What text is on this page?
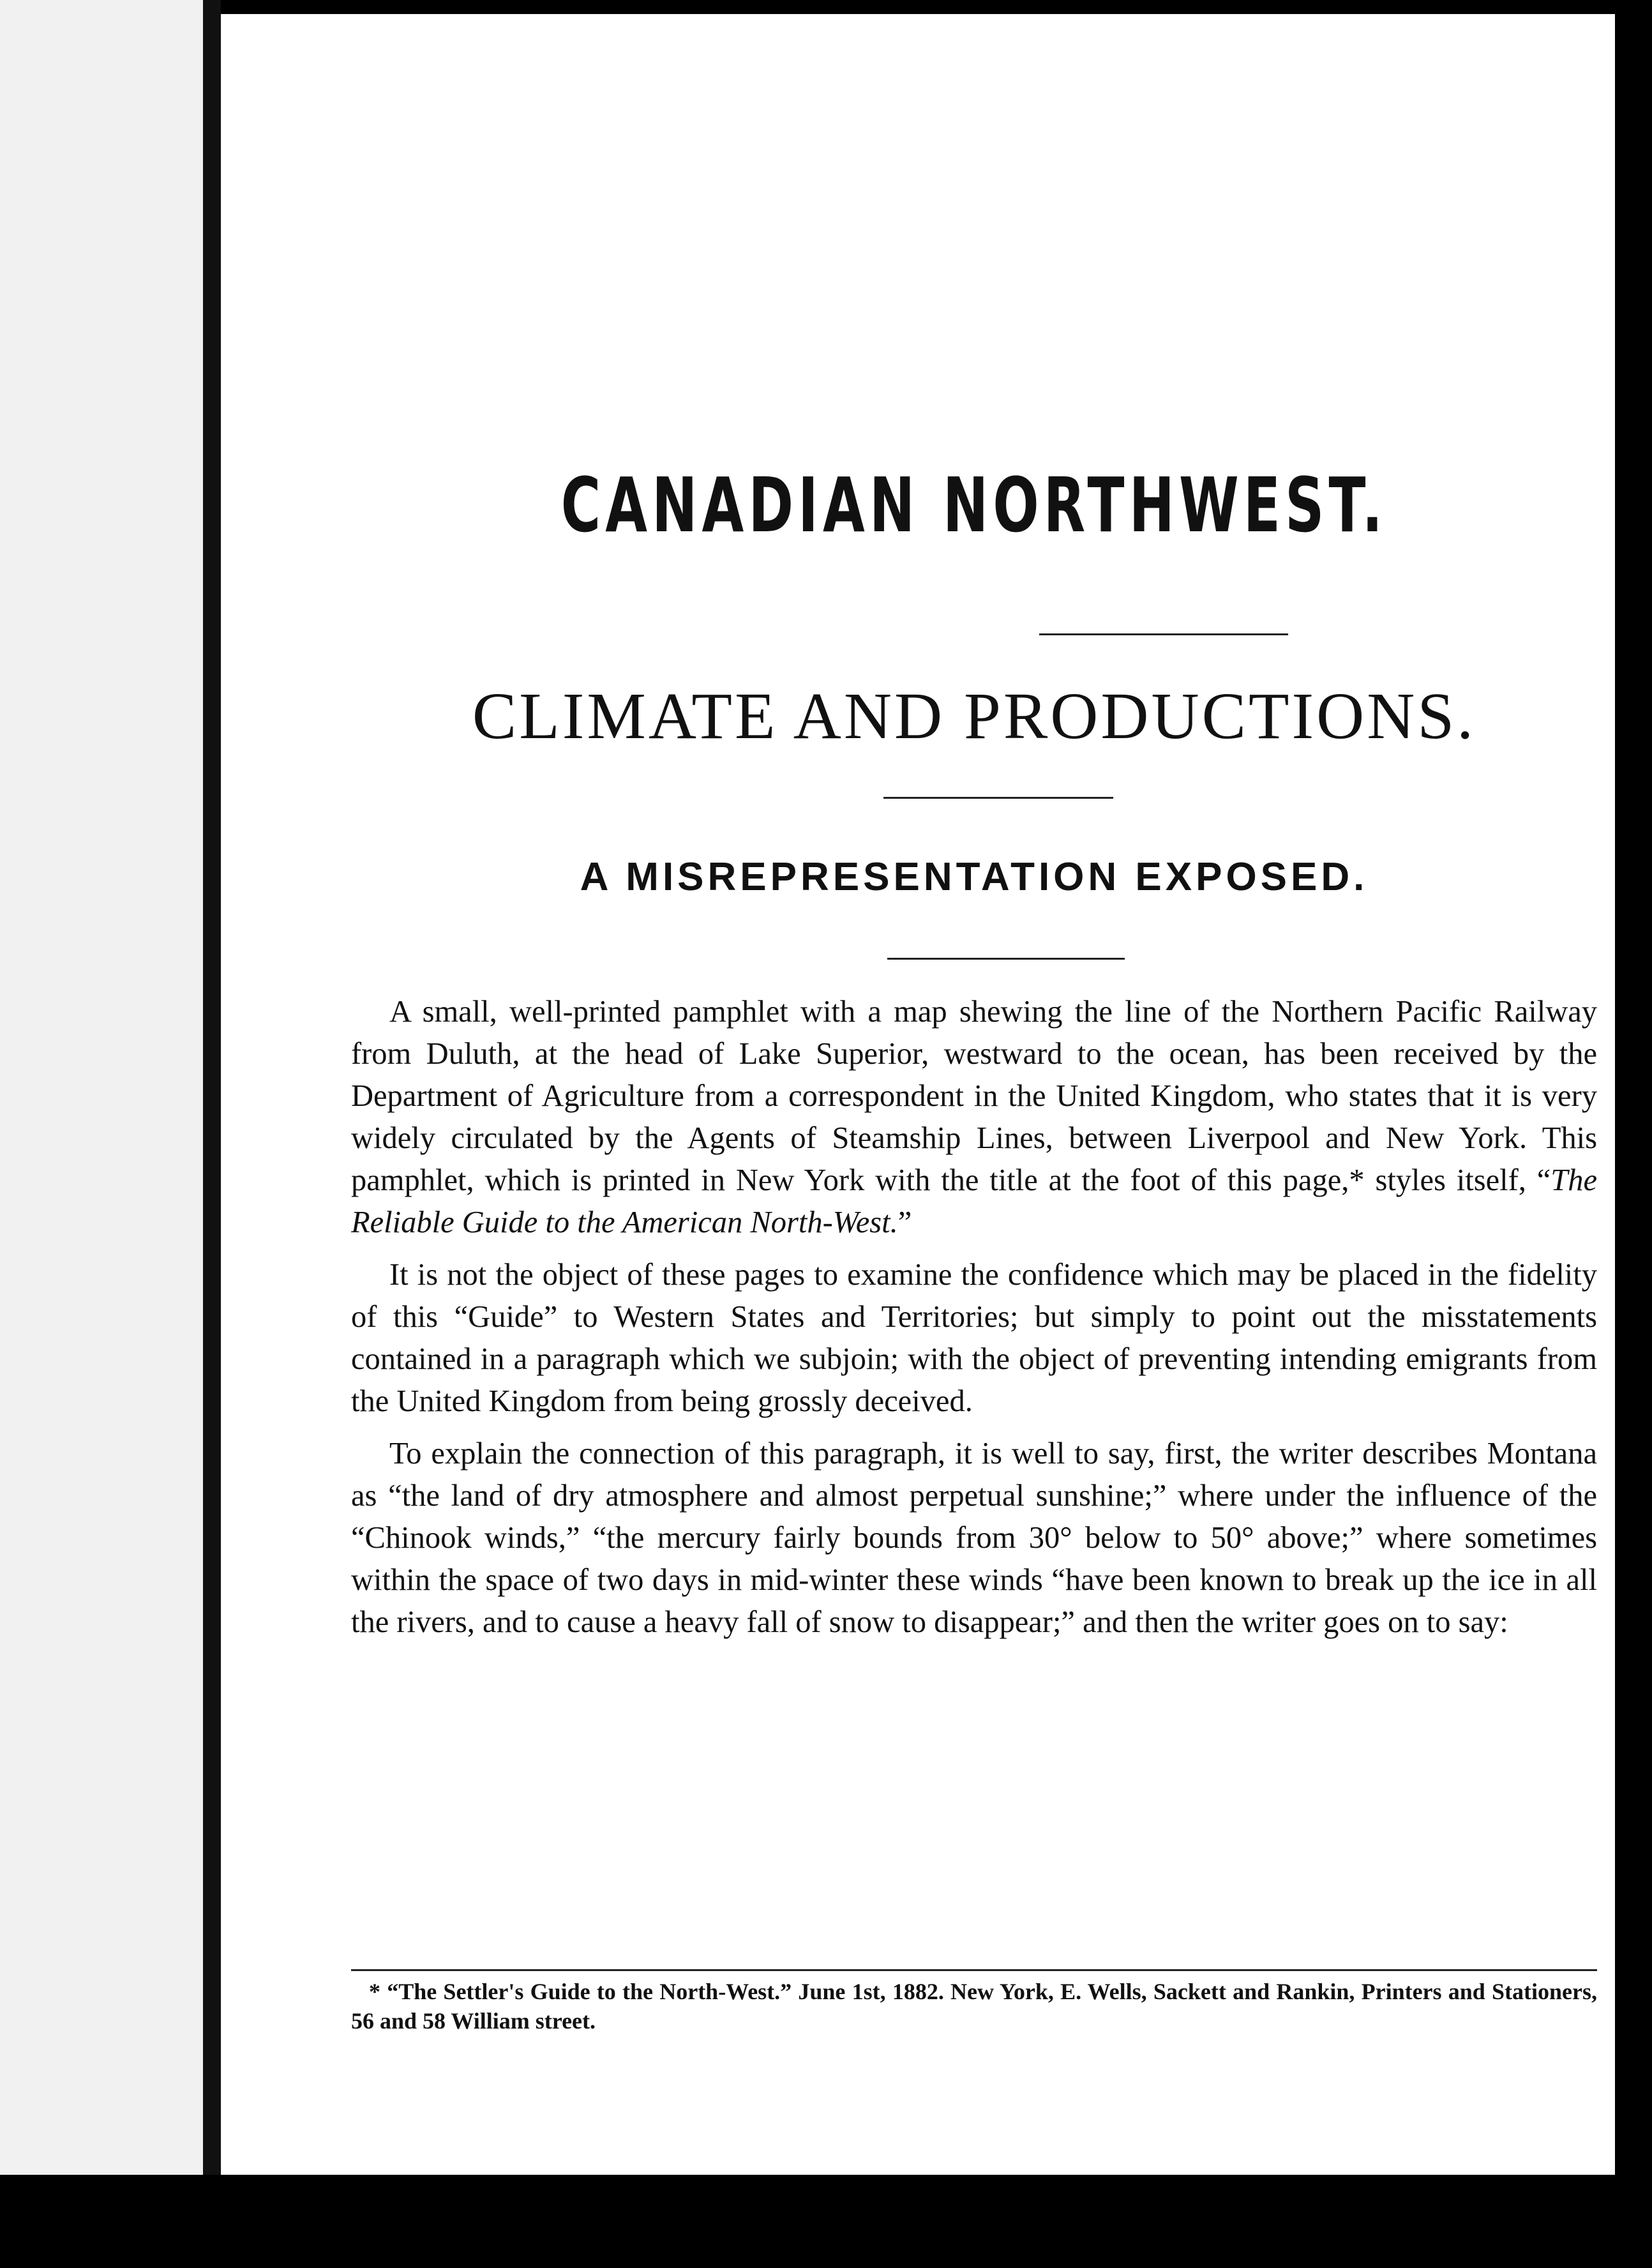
CANADIAN NORTHWEST.
CLIMATE AND PRODUCTIONS.
A MISREPRESENTATION EXPOSED.

A small, well-printed pamphlet with a map shewing the line of the Northern Pacific Railway from Duluth, at the head of Lake Superior, westward to the ocean, has been received by the Department of Agriculture from a correspondent in the United Kingdom, who states that it is very widely circulated by the Agents of Steamship Lines, between Liverpool and New York. This pamphlet, which is printed in New York with the title at the foot of this page,* styles itself, “The Reliable Guide to the American North-West.”

It is not the object of these pages to examine the confidence which may be placed in the fidelity of this “Guide” to Western States and Territories; but simply to point out the misstatements contained in a paragraph which we subjoin; with the object of preventing intending emigrants from the United Kingdom from being grossly deceived.

To explain the connection of this paragraph, it is well to say, first, the writer describes Montana as “the land of dry atmosphere and almost perpetual sunshine;” where under the influence of the “Chinook winds,” “the mercury fairly bounds from 30° below to 50° above;” where sometimes within the space of two days in mid-winter these winds “have been known to break up the ice in all the rivers, and to cause a heavy fall of snow to disappear;” and then the writer goes on to say:

* “The Settler's Guide to the North-West.” June 1st, 1882. New York, E. Wells, Sackett and Rankin, Printers and Stationers, 56 and 58 William street.
